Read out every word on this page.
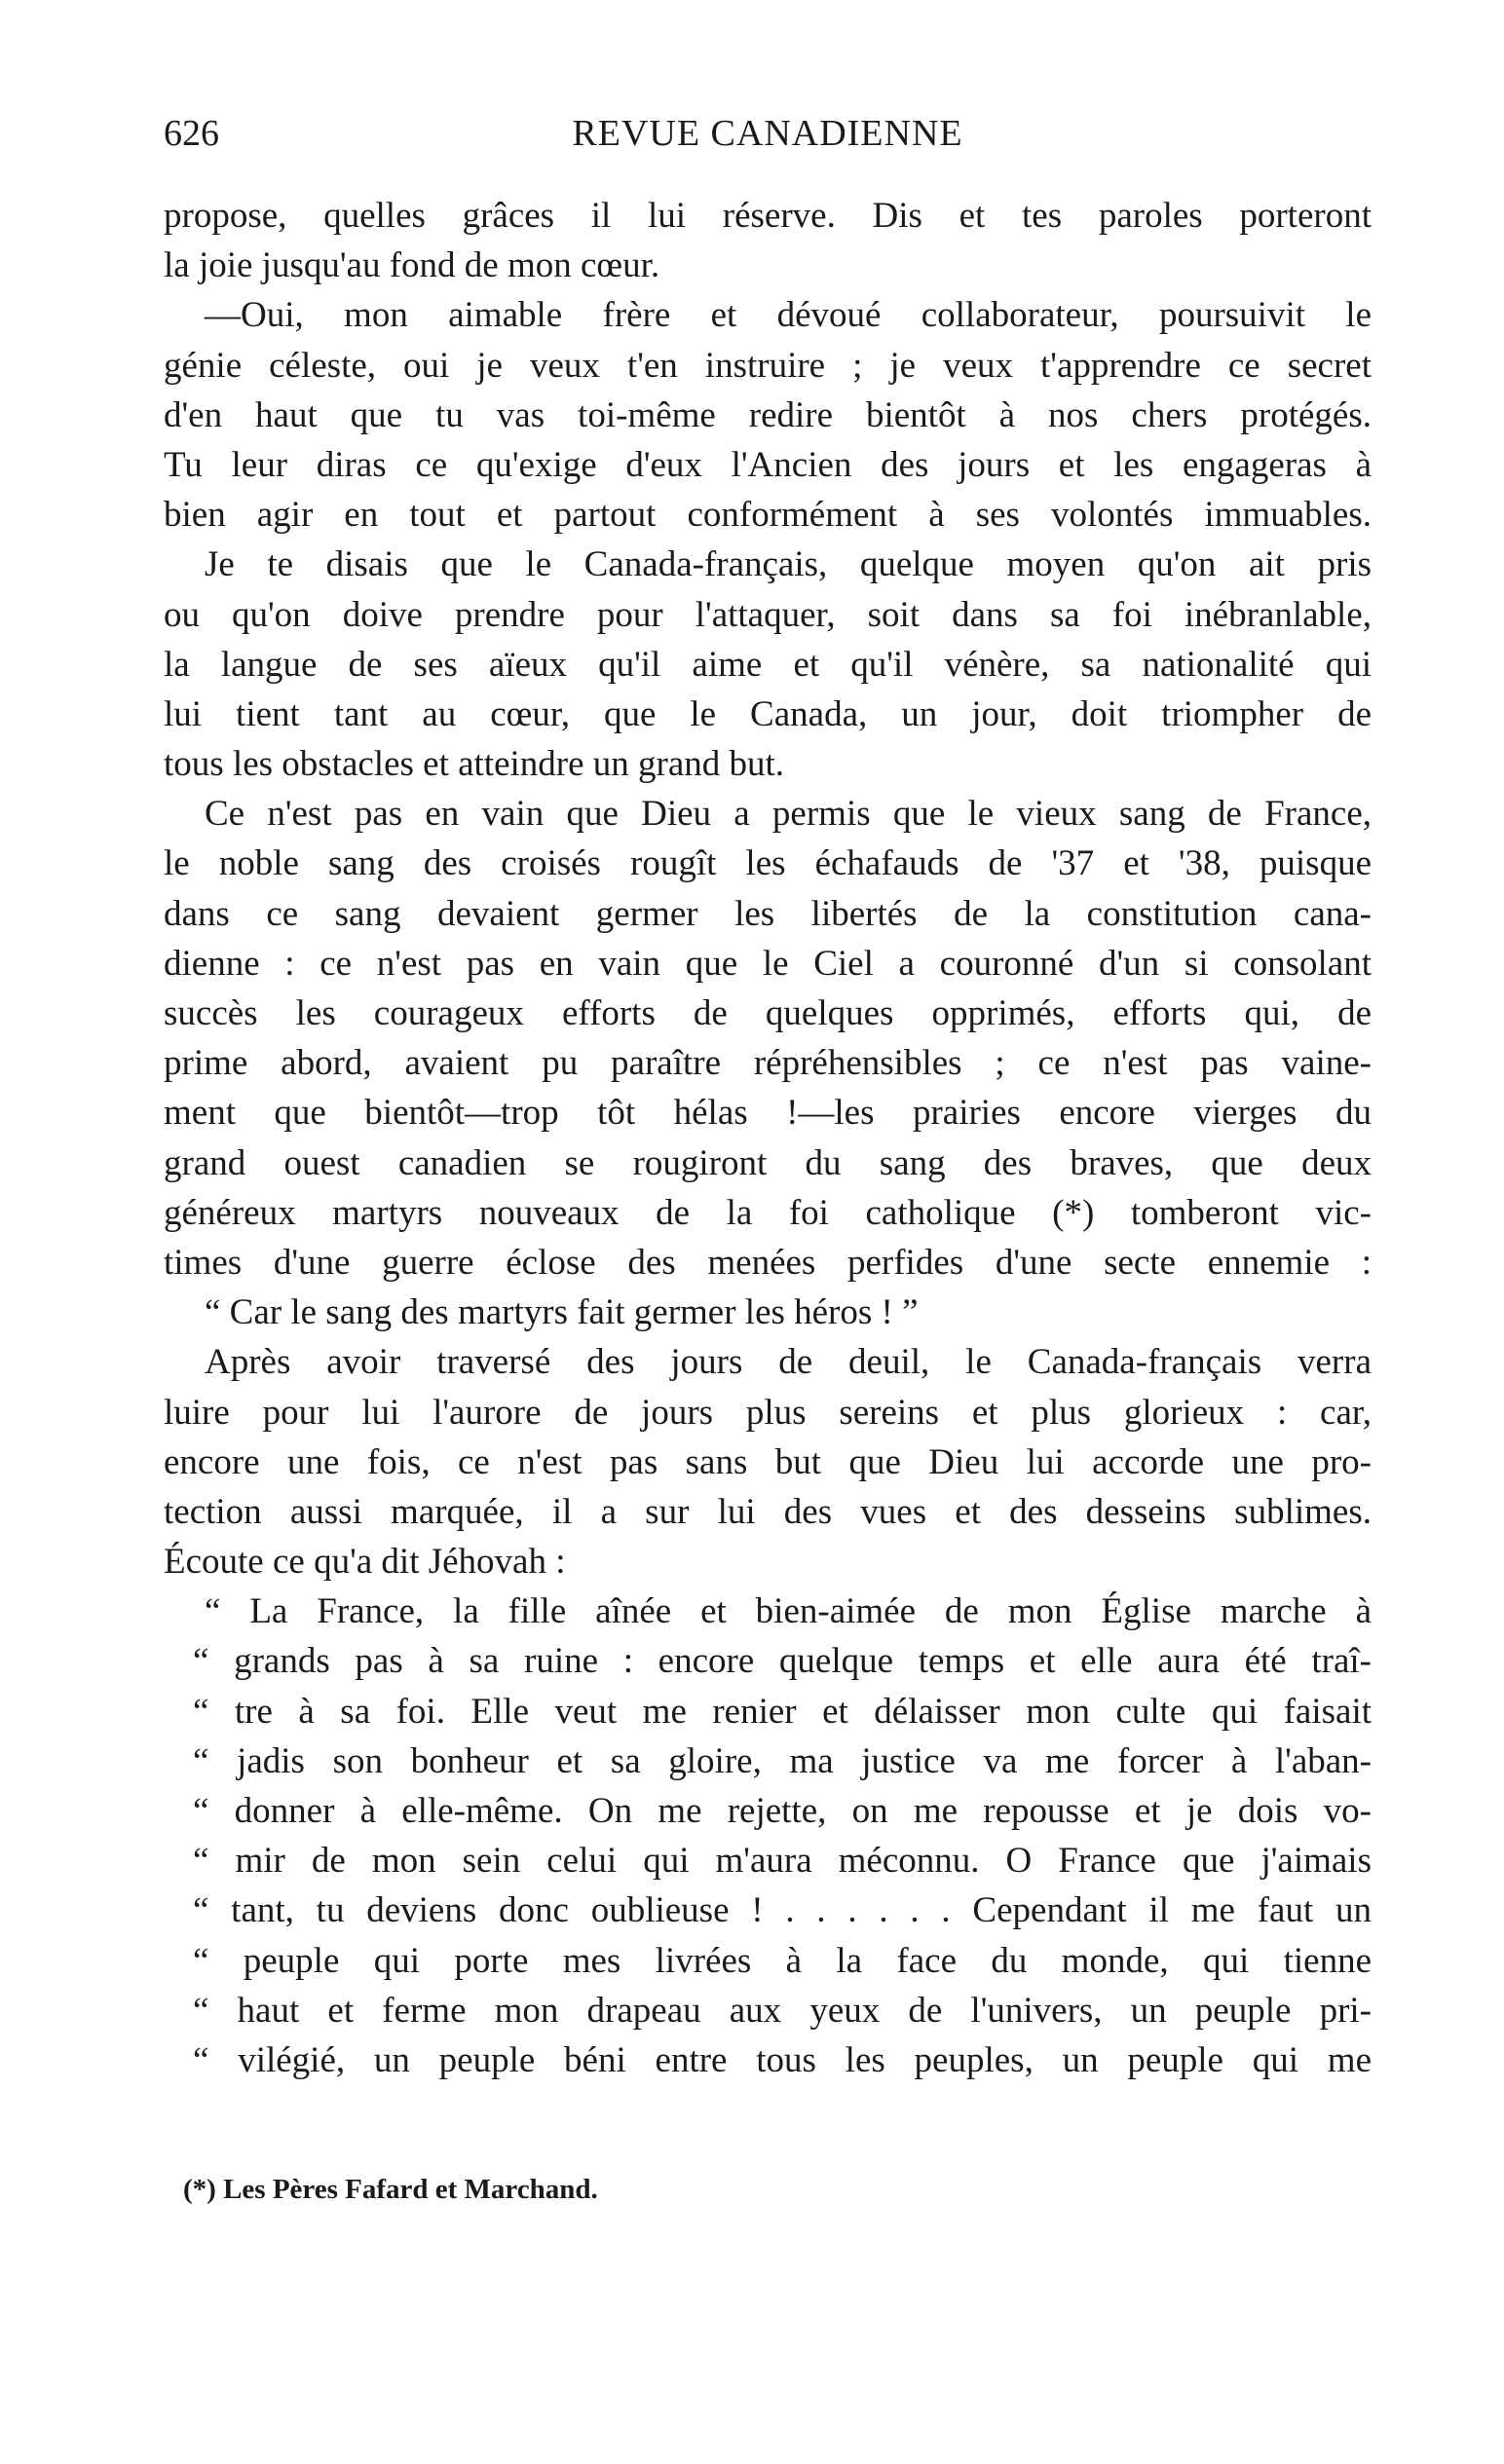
626	REVUE CANADIENNE
propose, quelles grâces il lui réserve. Dis et tes paroles porteront
la joie jusqu'au fond de mon cœur.
—Oui, mon aimable frère et dévoué collaborateur, poursuivit le
génie céleste, oui je veux t'en instruire ; je veux t'apprendre ce secret
d'en haut que tu vas toi-même redire bientôt à nos chers protégés.
Tu leur diras ce qu'exige d'eux l'Ancien des jours et les engageras à
bien agir en tout et partout conformément à ses volontés immuables.
Je te disais que le Canada-français, quelque moyen qu'on ait pris
ou qu'on doive prendre pour l'attaquer, soit dans sa foi inébranlable,
la langue de ses aïeux qu'il aime et qu'il vénère, sa nationalité qui
lui tient tant au cœur, que le Canada, un jour, doit triompher de
tous les obstacles et atteindre un grand but.
Ce n'est pas en vain que Dieu a permis que le vieux sang de France,
le noble sang des croisés rougît les échafauds de '37 et '38, puisque
dans ce sang devaient germer les libertés de la constitution cana-
dienne : ce n'est pas en vain que le Ciel a couronné d'un si consolant
succès les courageux efforts de quelques opprimés, efforts qui, de
prime abord, avaient pu paraître répréhensibles ; ce n'est pas vaine-
ment que bientôt—trop tôt hélas !—les prairies encore vierges du
grand ouest canadien se rougiront du sang des braves, que deux
généreux martyrs nouveaux de la foi catholique (*) tomberont vic-
times d'une guerre éclose des menées perfides d'une secte ennemie :
“ Car le sang des martyrs fait germer les héros ! ”
Après avoir traversé des jours de deuil, le Canada-français verra
luire pour lui l'aurore de jours plus sereins et plus glorieux : car,
encore une fois, ce n'est pas sans but que Dieu lui accorde une pro-
tection aussi marquée, il a sur lui des vues et des desseins sublimes.
Écoute ce qu'a dit Jéhovah :
“ La France, la fille aînée et bien-aimée de mon Église marche à
“ grands pas à sa ruine : encore quelque temps et elle aura été traî-
“ tre à sa foi. Elle veut me renier et délaisser mon culte qui faisait
“ jadis son bonheur et sa gloire, ma justice va me forcer à l'aban-
“ donner à elle-même. On me rejette, on me repousse et je dois vo-
“ mir de mon sein celui qui m'aura méconnu. O France que j'aimais
“ tant, tu deviens donc oublieuse ! . . . . . . Cependant il me faut un
“ peuple qui porte mes livrées à la face du monde, qui tienne
“ haut et ferme mon drapeau aux yeux de l'univers, un peuple pri-
“ vilégié, un peuple béni entre tous les peuples, un peuple qui me
(*) Les Pères Fafard et Marchand.
